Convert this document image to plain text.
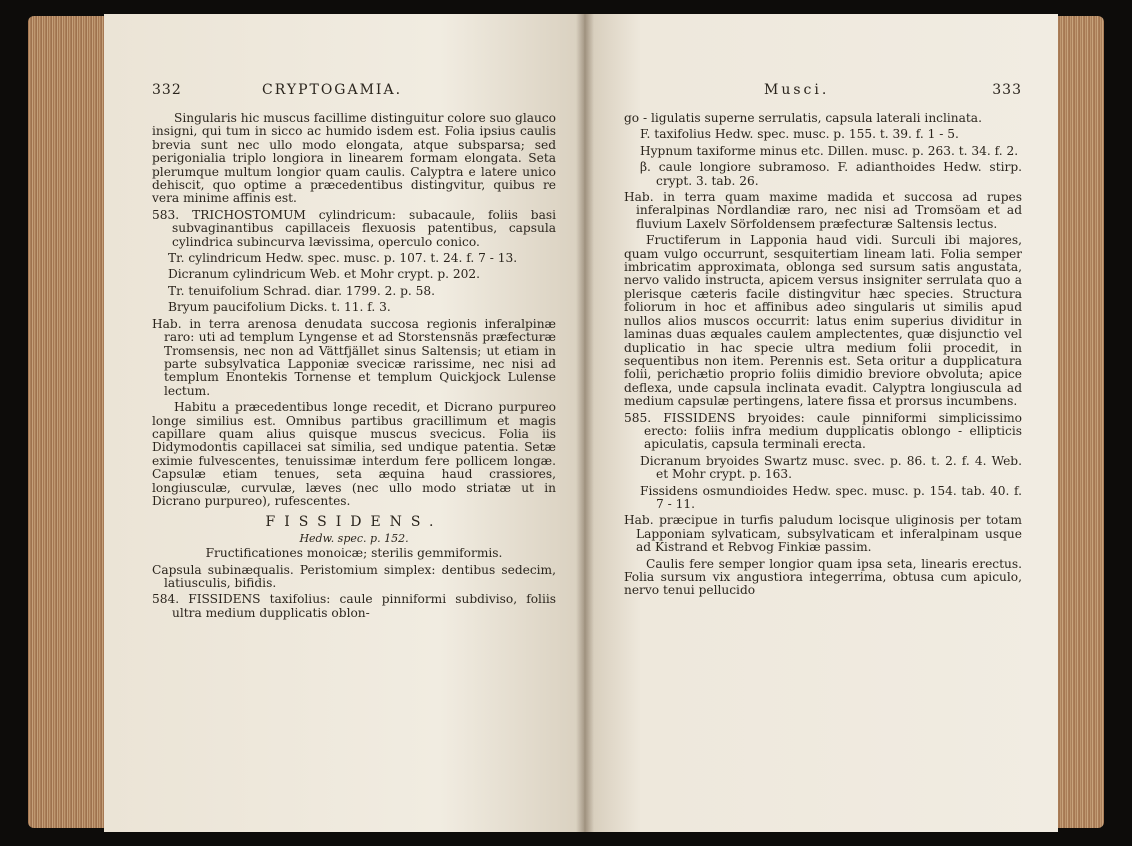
332	CRYPTOGAMIA.

Singularis hic muscus facillime distinguitur colore suo glauco insigni, qui tum in sicco ac humido isdem est. Folia ipsius caulis brevia sunt nec ullo modo elongata, atque subsparsa; sed perigonialia triplo longiora in linearem formam elongata. Seta plerumque multum longior quam caulis. Calyptra e latere unico dehiscit, quo optime a præcedentibus distingvitur, quibus re vera minime affinis est.

583. TRICHOSTOMUM cylindricum: subacaule, foliis basi subvaginantibus capillaceis flexuosis patentibus, capsula cylindrica subincurva lævissima, operculo conico.

Tr. cylindricum Hedw. spec. musc. p. 107. t. 24. f. 7 - 13.

Dicranum cylindricum Web. et Mohr crypt. p. 202.

Tr. tenuifolium Schrad. diar. 1799. 2. p. 58.

Bryum paucifolium Dicks. t. 11. f. 3.

Hab. in terra arenosa denudata succosa regionis inferalpinæ raro: uti ad templum Lyngense et ad Storstensnäs præfecturæ Tromsensis, nec non ad Vättfjället sinus Saltensis; ut etiam in parte subsylvatica Lapponiæ svecicæ rarissime, nec nisi ad templum Enontekis Tornense et templum Quickjock Lulense lectum.

Habitu a præcedentibus longe recedit, et Dicrano purpureo longe similius est. Omnibus partibus gracillimum et magis capillare quam alius quisque muscus svecicus. Folia iis Didymodontis capillacei sat similia, sed undique patentia. Setæ eximie fulvescentes, tenuissimæ interdum fere pollicem longæ. Capsulæ etiam tenues, seta æquina haud crassiores, longiusculæ, curvulæ, læves (nec ullo modo striatæ ut in Dicrano purpureo), rufescentes.

FISSIDENS.
Hedw. spec. p. 152.

Fructificationes monoicæ; sterilis gemmiformis.

Capsula subinæqualis. Peristomium simplex: dentibus sedecim, latiusculis, bifidis.

584. FISSIDENS taxifolius: caule pinniformi subdiviso, foliis ultra medium dupplicatis oblon-

Musci.	333

go - ligulatis superne serrulatis, capsula laterali inclinata.

F. taxifolius Hedw. spec. musc. p. 155. t. 39. f. 1 - 5.

Hypnum taxiforme minus etc. Dillen. musc. p. 263. t. 34. f. 2.

β. caule longiore subramoso. F. adianthoides Hedw. stirp. crypt. 3. tab. 26.

Hab. in terra quam maxime madida et succosa ad rupes inferalpinas Nordlandiæ raro, nec nisi ad Tromsöam et ad fluvium Laxelv Sörfoldensem præfecturæ Saltensis lectus.

Fructiferum in Lapponia haud vidi. Surculi ibi majores, quam vulgo occurrunt, sesquitertiam lineam lati. Folia semper imbricatim approximata, oblonga sed sursum satis angustata, nervo valido instructa, apicem versus insigniter serrulata quo a plerisque cæteris facile distingvitur hæc species. Structura foliorum in hoc et affinibus adeo singularis ut similis apud nullos alios muscos occurrit: latus enim superius dividitur in laminas duas æquales caulem amplectentes, quæ disjunctio vel duplicatio in hac specie ultra medium folii procedit, in sequentibus non item. Perennis est. Seta oritur a dupplicatura folii, perichætio proprio foliis dimidio breviore obvoluta; apice deflexa, unde capsula inclinata evadit. Calyptra longiuscula ad medium capsulæ pertingens, latere fissa et prorsus incumbens.

585. FISSIDENS bryoides: caule pinniformi simplicissimo erecto: foliis infra medium dupplicatis oblongo - ellipticis apiculatis, capsula terminali erecta.

Dicranum bryoides Swartz musc. svec. p. 86. t. 2. f. 4. Web. et Mohr crypt. p. 163.

Fissidens osmundioides Hedw. spec. musc. p. 154. tab. 40. f. 7 - 11.

Hab. præcipue in turfis paludum locisque uliginosis per totam Lapponiam sylvaticam, subsylvaticam et inferalpinam usque ad Kistrand et Rebvog Finkiæ passim.

Caulis fere semper longior quam ipsa seta, linearis erectus. Folia sursum vix angustiora integerrima, obtusa cum apiculo, nervo tenui pellucido
